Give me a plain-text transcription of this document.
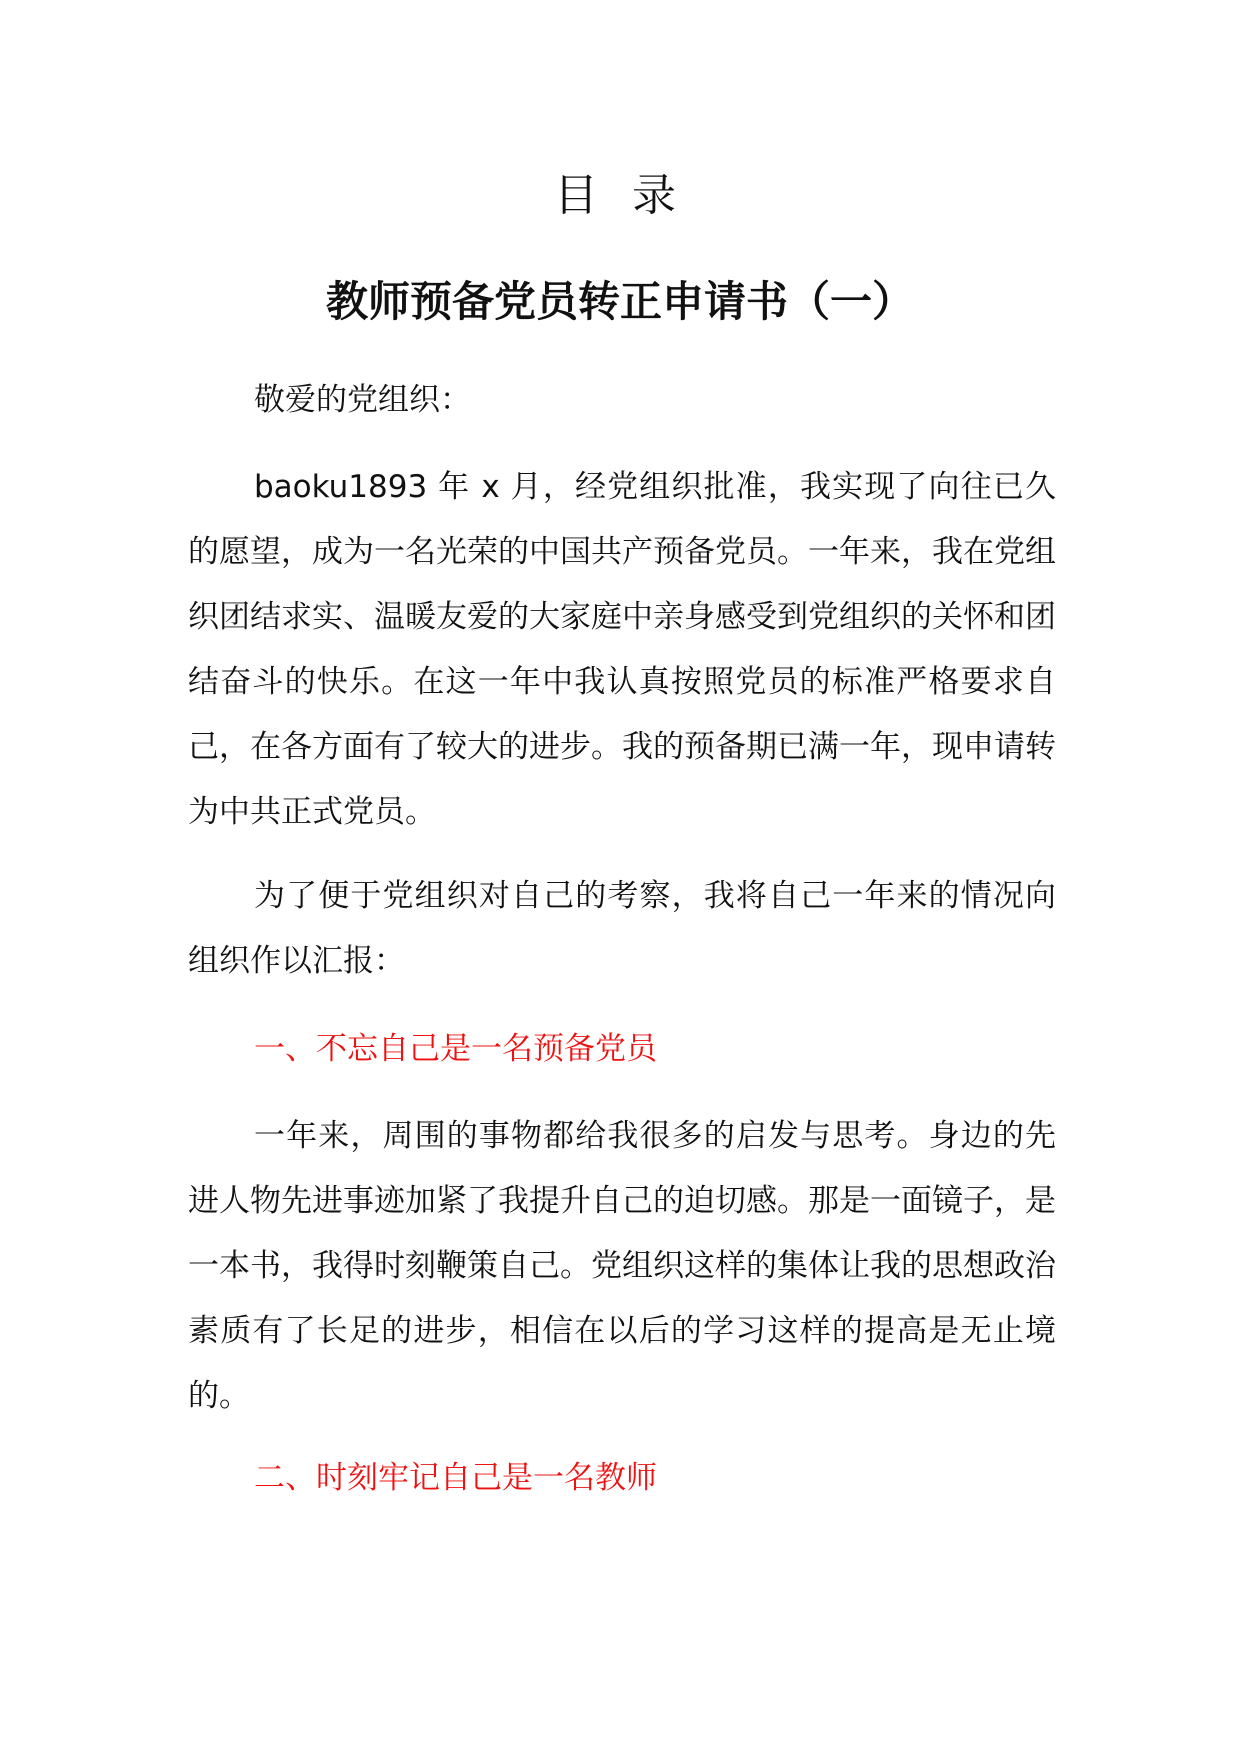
目 录
教师预备党员转正申请书（一）

敬爱的党组织：

baoku1893 年 x 月，经党组织批准，我实现了向往已久的愿望，成为一名光荣的中国共产预备党员。一年来，我在党组织团结求实、温暖友爱的大家庭中亲身感受到党组织的关怀和团结奋斗的快乐。在这一年中我认真按照党员的标准严格要求自己，在各方面有了较大的进步。我的预备期已满一年，现申请转为中共正式党员。

为了便于党组织对自己的考察，我将自己一年来的情况向组织作以汇报：

一、不忘自己是一名预备党员

一年来，周围的事物都给我很多的启发与思考。身边的先进人物先进事迹加紧了我提升自己的迫切感。那是一面镜子，是一本书，我得时刻鞭策自己。党组织这样的集体让我的思想政治素质有了长足的进步，相信在以后的学习这样的提高是无止境的。

二、时刻牢记自己是一名教师
